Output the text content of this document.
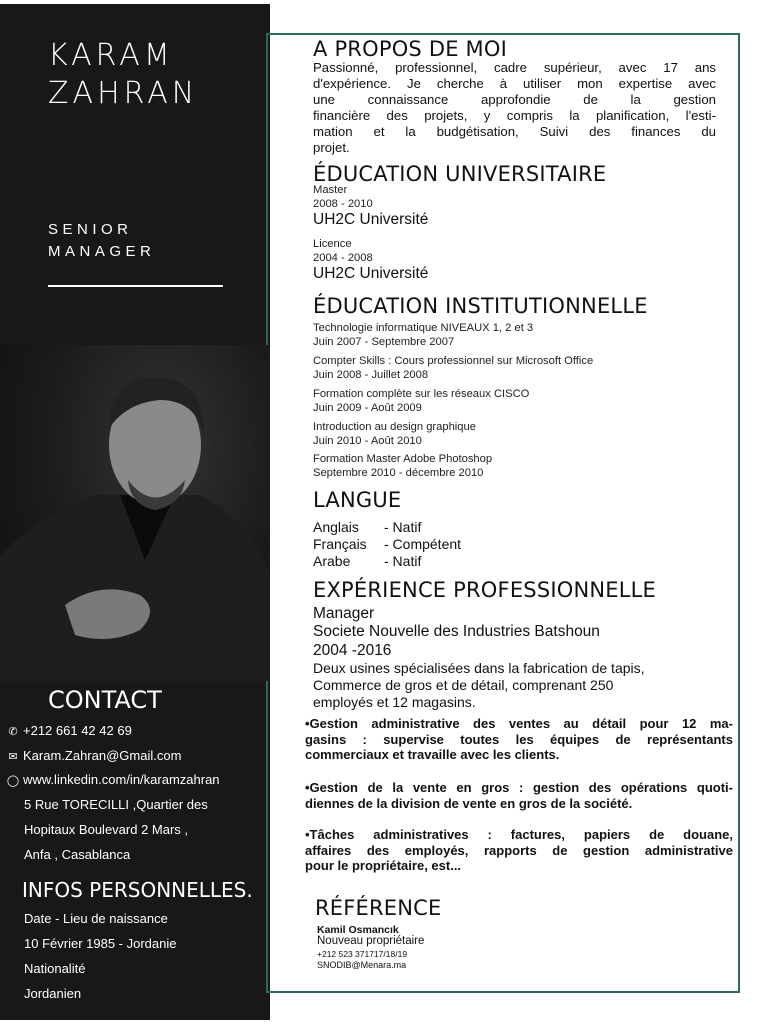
KARAM
ZAHRAN
SENIOR
MANAGER
CONTACT
✆ +212 661 42 42 69
✉ Karam.Zahran@Gmail.com
◯ www.linkedin.com/in/karamzahran
5 Rue TORECILLI ,Quartier des
Hopitaux Boulevard 2 Mars ,
Anfa , Casablanca
INFOS PERSONNELLES.
Date - Lieu de naissance
10 Février 1985 - Jordanie
Nationalité
Jordanien
A PROPOS DE MOI
Passionné, professionnel, cadre supérieur, avec 17 ans
d'expérience. Je cherche à utiliser mon expertise avec
une connaissance approfondie de la gestion
financière des projets, y compris la planification, l'esti-
mation et la budgétisation, Suivi des finances du
projet.
ÉDUCATION UNIVERSITAIRE
Master
2008 - 2010
UH2C Université
Licence
2004 - 2008
UH2C Université
ÉDUCATION INSTITUTIONNELLE
Technologie informatique NIVEAUX 1, 2 et 3
Juin 2007 - Septembre 2007
Compter Skills : Cours professionnel sur Microsoft Office
Juin 2008 - Juillet 2008
Formation complète sur les réseaux CISCO
Juin 2009 - Août 2009
Introduction au design graphique
Juin 2010 - Août 2010
Formation Master Adobe Photoshop
Septembre 2010 - décembre 2010
LANGUE
Anglais - Natif
Français - Compétent
Arabe - Natif
EXPÉRIENCE PROFESSIONNELLE
Manager
Societe Nouvelle des Industries Batshoun
2004 -2016
Deux usines spécialisées dans la fabrication de tapis,
Commerce de gros et de détail, comprenant 250
employés et 12 magasins.
•Gestion administrative des ventes au détail pour 12 ma-
gasins : supervise toutes les équipes de représentants
commerciaux et travaille avec les clients.
•Gestion de la vente en gros : gestion des opérations quoti-
diennes de la division de vente en gros de la société.
•Tâches administratives : factures, papiers de douane,
affaires des employés, rapports de gestion administrative
pour le propriétaire, est...
RÉFÉRENCE
Kamil Osmancık
Nouveau propriétaire
+212 523 371717/18/19
SNODIB@Menara.ma
